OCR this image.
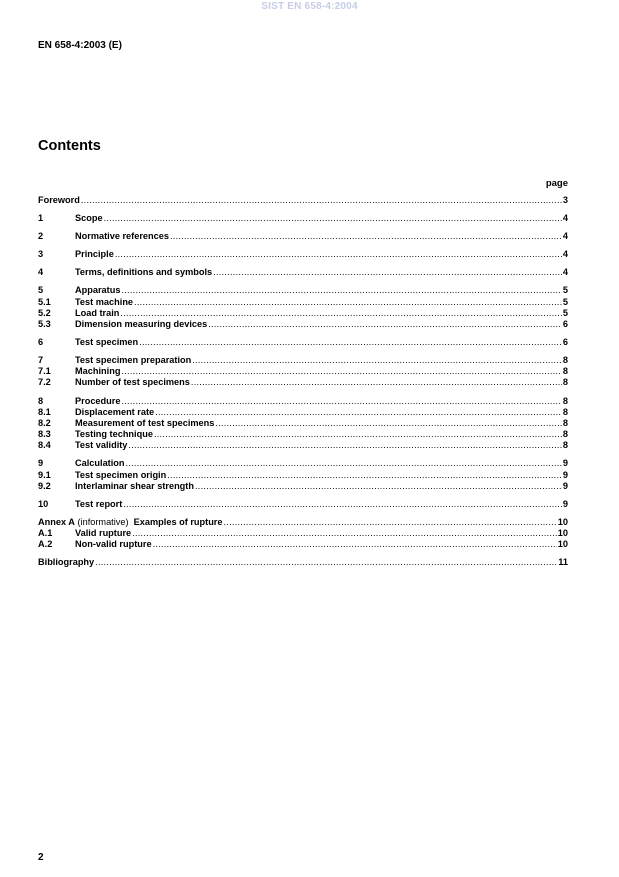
SIST EN 658-4:2004
EN 658-4:2003 (E)
Contents
page
Foreword .....	3
1	Scope .....	4
2	Normative references .....	4
3	Principle .....	4
4	Terms, definitions and symbols .....	4
5	Apparatus .....	5
5.1	Test machine .....	5
5.2	Load train .....	5
5.3	Dimension measuring devices .....	6
6	Test specimen .....	6
7	Test specimen preparation .....	8
7.1	Machining .....	8
7.2	Number of test specimens .....	8
8	Procedure .....	8
8.1	Displacement rate .....	8
8.2	Measurement of test specimens .....	8
8.3	Testing technique .....	8
8.4	Test validity .....	8
9	Calculation .....	9
9.1	Test specimen origin .....	9
9.2	Interlaminar shear strength .....	9
10	Test report .....	9
Annex A (informative)  Examples of rupture .....	10
A.1 Valid rupture .....	10
A.2 Non-valid rupture .....	10
Bibliography .....	11
2
